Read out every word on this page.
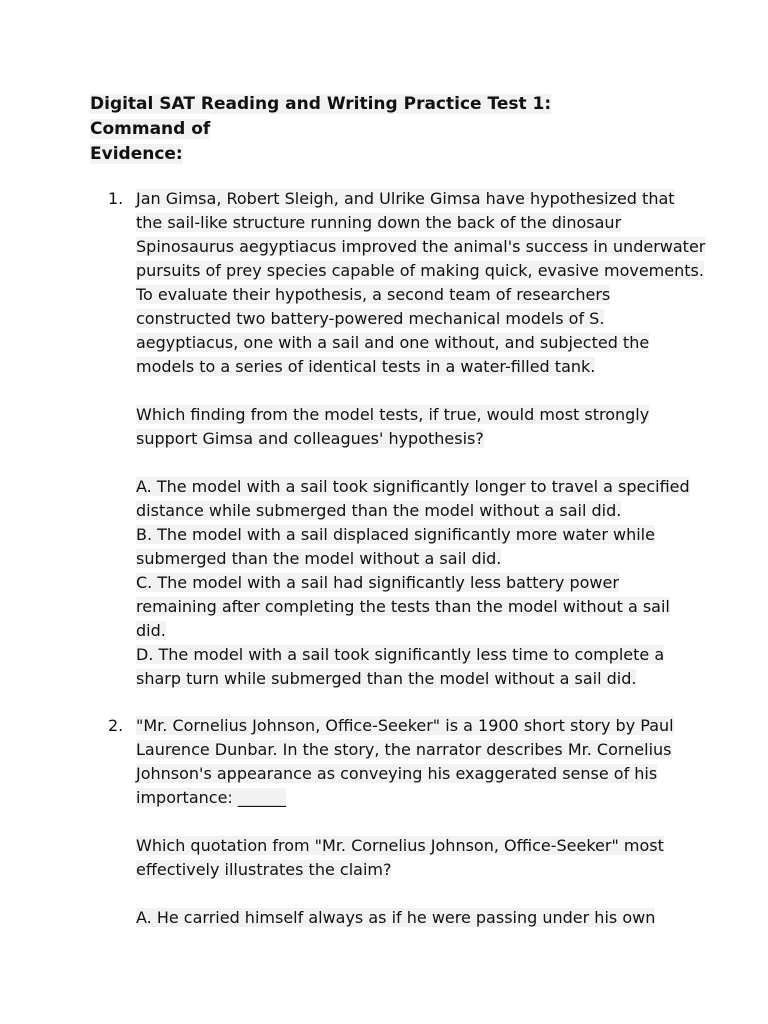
Digital SAT Reading and Writing Practice Test 1: Command of
Evidence:
1. Jan Gimsa, Robert Sleigh, and Ulrike Gimsa have hypothesized that
the sail-like structure running down the back of the dinosaur
Spinosaurus aegyptiacus improved the animal's success in underwater
pursuits of prey species capable of making quick, evasive movements.
To evaluate their hypothesis, a second team of researchers
constructed two battery-powered mechanical models of S.
aegyptiacus, one with a sail and one without, and subjected the
models to a series of identical tests in a water-filled tank.
Which finding from the model tests, if true, would most strongly
support Gimsa and colleagues' hypothesis?
A. The model with a sail took significantly longer to travel a specified
distance while submerged than the model without a sail did.
B. The model with a sail displaced significantly more water while
submerged than the model without a sail did.
C. The model with a sail had significantly less battery power
remaining after completing the tests than the model without a sail
did.
D. The model with a sail took significantly less time to complete a
sharp turn while submerged than the model without a sail did.
2. "Mr. Cornelius Johnson, Office-Seeker" is a 1900 short story by Paul
Laurence Dunbar. In the story, the narrator describes Mr. Cornelius
Johnson's appearance as conveying his exaggerated sense of his
importance: ______
Which quotation from "Mr. Cornelius Johnson, Office-Seeker" most
effectively illustrates the claim?
A. He carried himself always as if he were passing under his own
